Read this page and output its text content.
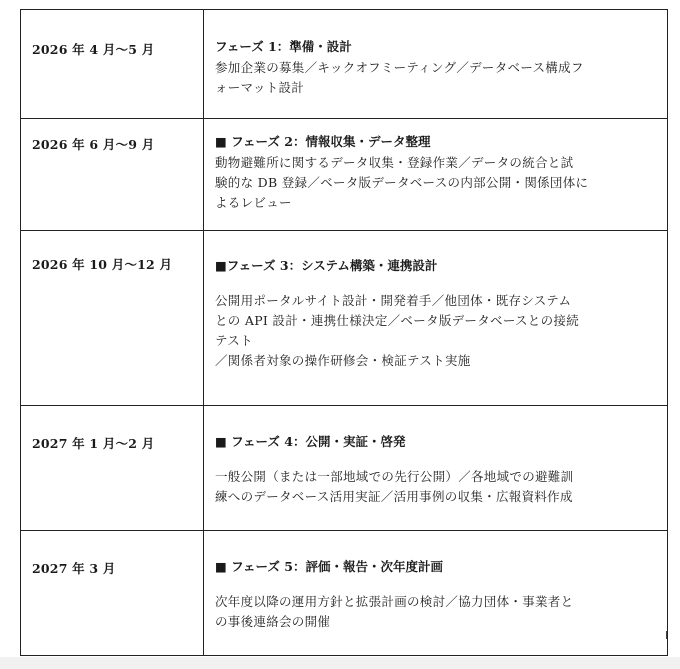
2026 年 4 月～5 月	フェーズ 1：準備・設計
参加企業の募集／キックオフミーティング／データベース構成フ
ォーマット設計

2026 年 6 月～9 月	■ フェーズ 2：情報収集・データ整理
動物避難所に関するデータ収集・登録作業／データの統合と試
験的な DB 登録／ベータ版データベースの内部公開・関係団体に
よるレビュー

2026 年 10 月～12 月	■フェーズ 3：システム構築・連携設計
公開用ポータルサイト設計・開発着手／他団体・既存システム
との API 設計・連携仕様決定／ベータ版データベースとの接続
テスト
／関係者対象の操作研修会・検証テスト実施

2027 年 1 月～2 月	■ フェーズ 4：公開・実証・啓発
一般公開（または一部地域での先行公開）／各地域での避難訓
練へのデータベース活用実証／活用事例の収集・広報資料作成

2027 年 3 月	■ フェーズ 5：評価・報告・次年度計画
次年度以降の運用方針と拡張計画の検討／協力団体・事業者と
の事後連絡会の開催
